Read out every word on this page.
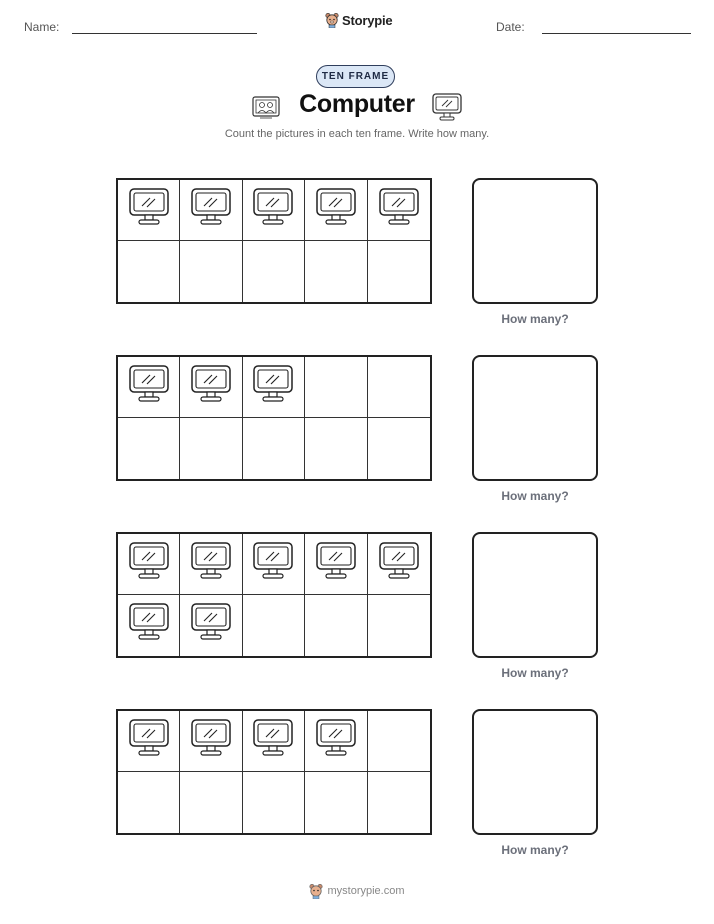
Name:	Storypie	Date:
TEN FRAME
Computer
Count the pictures in each ten frame. Write how many.
How many?
How many?
How many?
How many?
mystorypie.com
